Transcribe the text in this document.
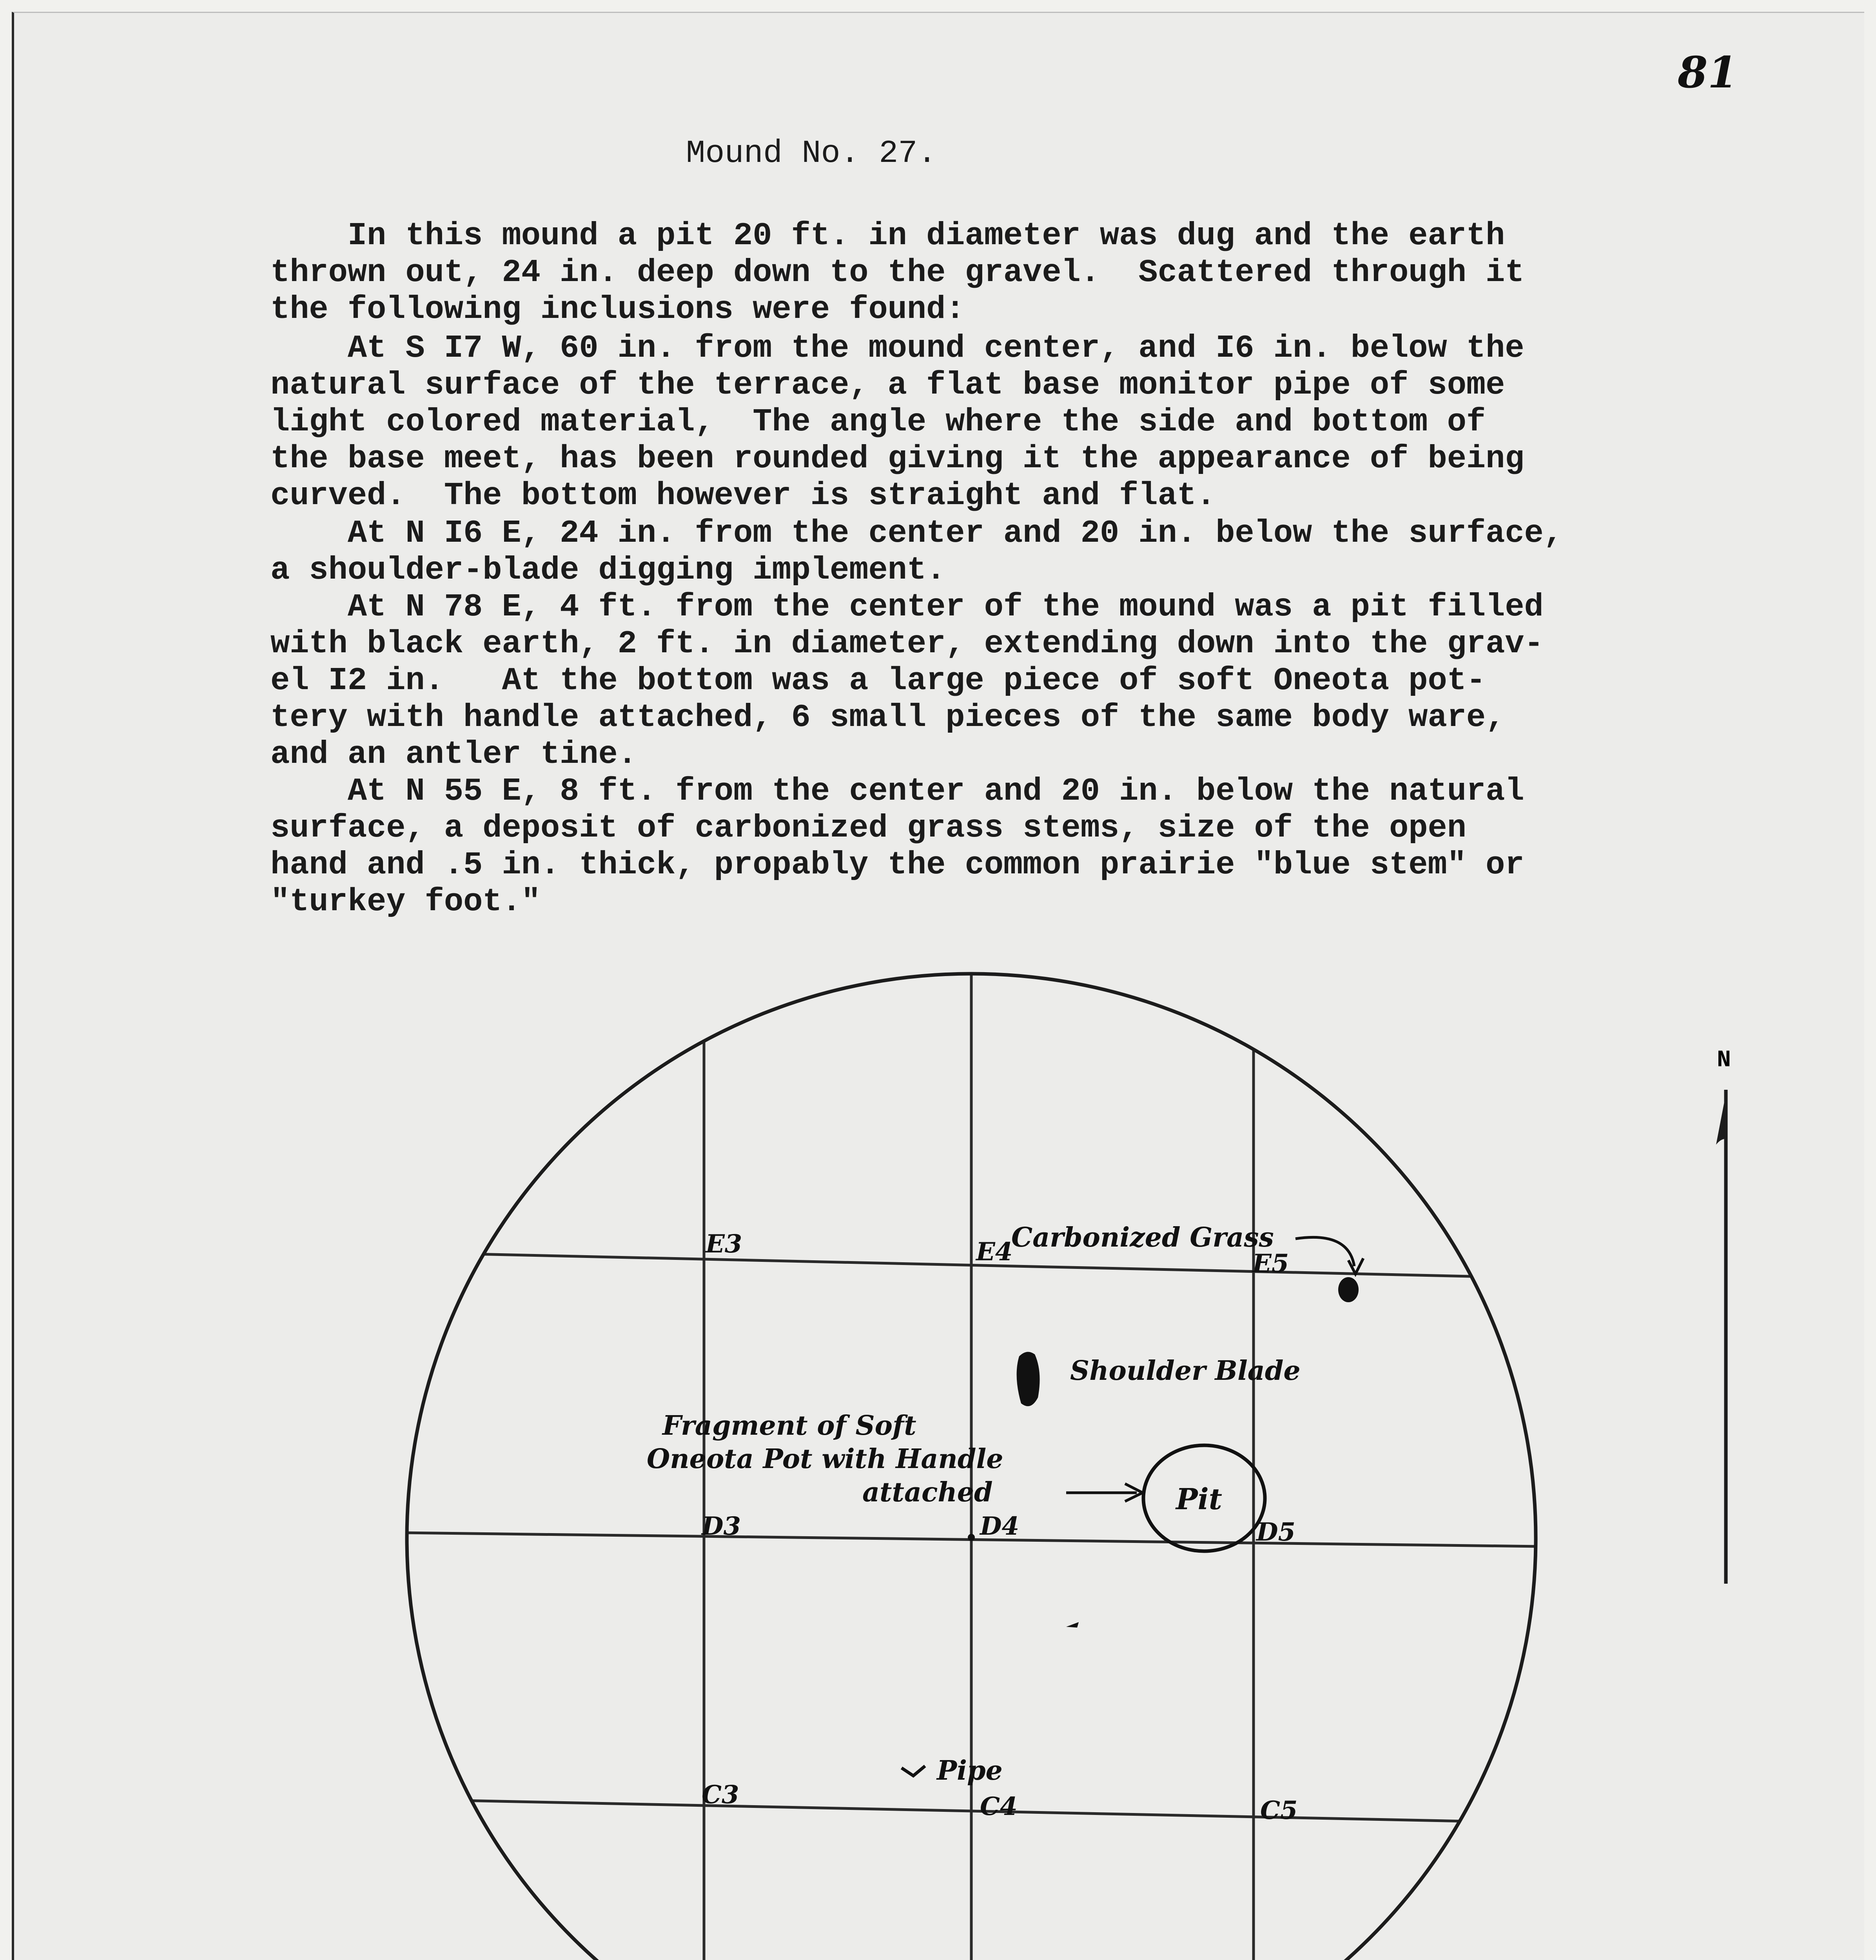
81
Mound No. 27.
In this mound a pit 20 ft. in diameter was dug and the earth
thrown out, 24 in. deep down to the gravel.  Scattered through it
the following inclusions were found:
At S I7 W, 60 in. from the mound center, and I6 in. below the
natural surface of the terrace, a flat base monitor pipe of some
light colored material,  The angle where the side and bottom of
the base meet, has been rounded giving it the appearance of being
curved.  The bottom however is straight and flat.
At N I6 E, 24 in. from the center and 20 in. below the surface,
a shoulder-blade digging implement.
At N 78 E, 4 ft. from the center of the mound was a pit filled
with black earth, 2 ft. in diameter, extending down into the grav-
el I2 in.   At the bottom was a large piece of soft Oneota pot-
tery with handle attached, 6 small pieces of the same body ware,
and an antler tine.
At N 55 E, 8 ft. from the center and 20 in. below the natural
surface, a deposit of carbonized grass stems, size of the open
hand and .5 in. thick, propably the common prairie "blue stem" or
"turkey foot."
N
E3	E4	E5
D3	D4	D5
C3	C4	C5
Carbonized Grass
Shoulder Blade
Fragment of Soft
Oneota Pot with Handle
attached	Pit
Pipe
